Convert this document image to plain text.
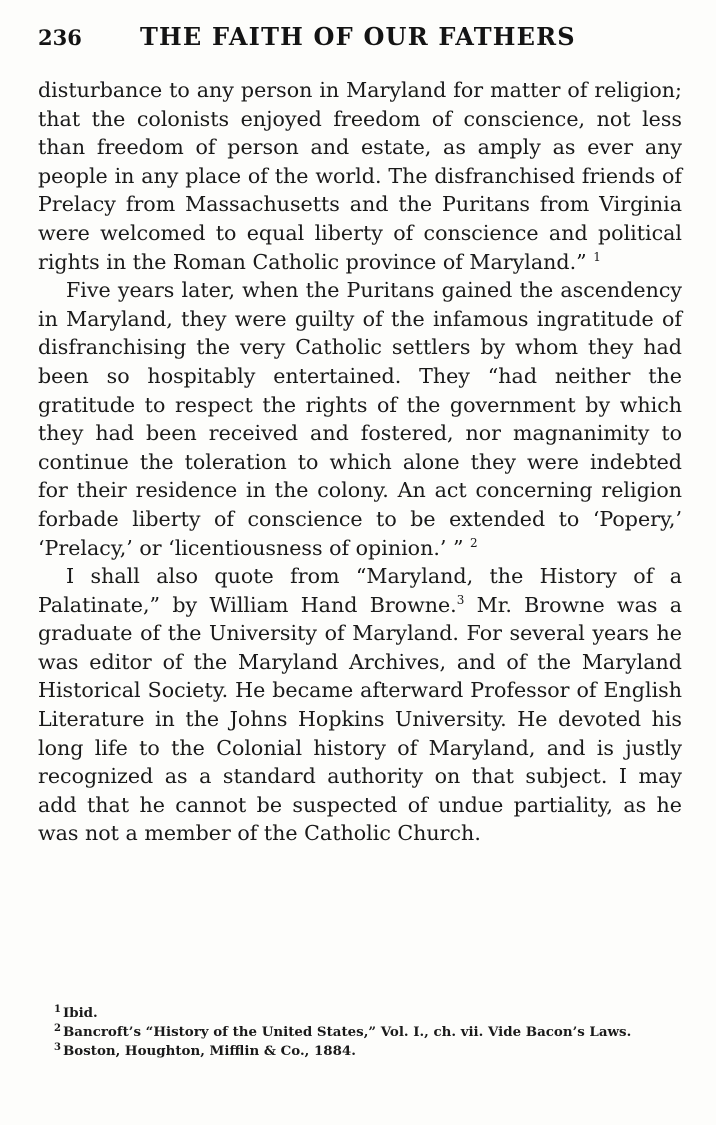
236	THE FAITH OF OUR FATHERS

disturbance to any person in Maryland for matter of religion; that the colonists enjoyed freedom of conscience, not less than freedom of person and estate, as amply as ever any people in any place of the world. The disfranchised friends of Prelacy from Massachusetts and the Puritans from Virginia were welcomed to equal liberty of conscience and political rights in the Roman Catholic province of Maryland.” $^1$

Five years later, when the Puritans gained the ascendency in Maryland, they were guilty of the infamous ingratitude of disfranchising the very Catholic settlers by whom they had been so hospitably entertained. They “had neither the gratitude to respect the rights of the government by which they had been received and fostered, nor magnanimity to continue the toleration to which alone they were indebted for their residence in the colony. An act concerning religion forbade liberty of conscience to be extended to ‘Popery,’ ‘Prelacy,’ or ‘licentiousness of opinion.’ ” $^2$

I shall also quote from “Maryland, the History of a Palatinate,” by William Hand Browne.$^3$ Mr. Browne was a graduate of the University of Maryland. For several years he was editor of the Maryland Archives, and of the Maryland Historical Society. He became afterward Professor of English Literature in the Johns Hopkins University. He devoted his long life to the Colonial history of Maryland, and is justly recognized as a standard authority on that subject. I may add that he cannot be suspected of undue partiality, as he was not a member of the Catholic Church.

$^1$ Ibid.

$^2$ Bancroft’s “History of the United States,” Vol. I., ch. vii. Vide Bacon’s Laws.

$^3$ Boston, Houghton, Mifflin & Co., 1884.
